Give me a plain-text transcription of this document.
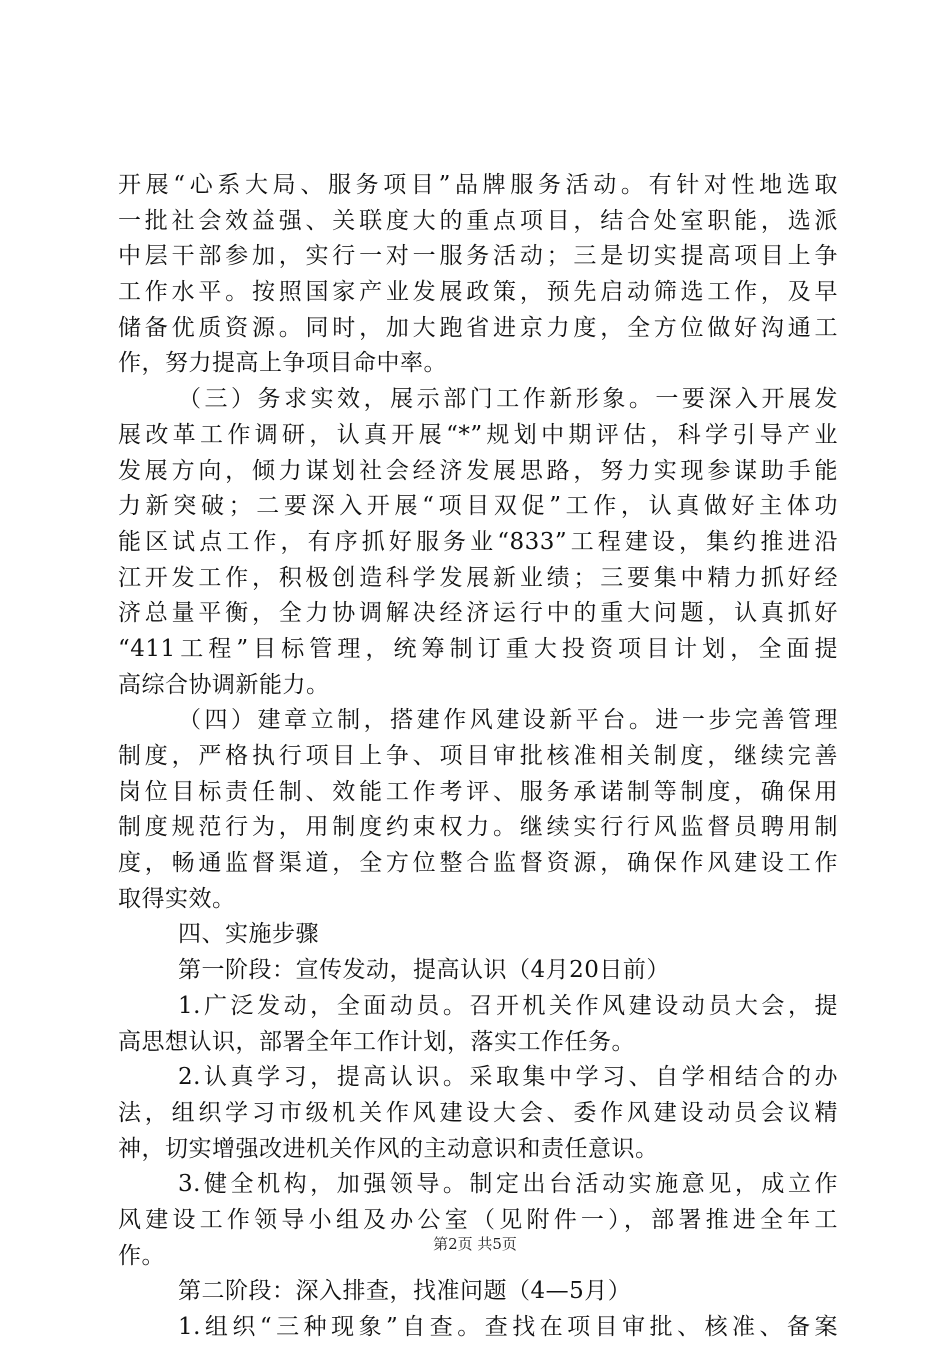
开展“心系大局、服务项目”品牌服务活动。有针对性地选取
一批社会效益强、关联度大的重点项目，结合处室职能，选派
中层干部参加，实行一对一服务活动；三是切实提高项目上争
工作水平。按照国家产业发展政策，预先启动筛选工作，及早
储备优质资源。同时，加大跑省进京力度，全方位做好沟通工
作，努力提高上争项目命中率。
（三）务求实效，展示部门工作新形象。一要深入开展发
展改革工作调研，认真开展“*”规划中期评估，科学引导产业
发展方向，倾力谋划社会经济发展思路，努力实现参谋助手能
力新突破；二要深入开展“项目双促”工作，认真做好主体功
能区试点工作，有序抓好服务业“833”工程建设，集约推进沿
江开发工作，积极创造科学发展新业绩；三要集中精力抓好经
济总量平衡，全力协调解决经济运行中的重大问题，认真抓好
“411工程”目标管理，统筹制订重大投资项目计划，全面提
高综合协调新能力。
（四）建章立制，搭建作风建设新平台。进一步完善管理
制度，严格执行项目上争、项目审批核准相关制度，继续完善
岗位目标责任制、效能工作考评、服务承诺制等制度，确保用
制度规范行为，用制度约束权力。继续实行行风监督员聘用制
度，畅通监督渠道，全方位整合监督资源，确保作风建设工作
取得实效。
四、实施步骤
第一阶段：宣传发动，提高认识（4月20日前）
1.广泛发动，全面动员。召开机关作风建设动员大会，提
高思想认识，部署全年工作计划，落实工作任务。
2.认真学习，提高认识。采取集中学习、自学相结合的办
法，组织学习市级机关作风建设大会、委作风建设动员会议精
神，切实增强改进机关作风的主动意识和责任意识。
3.健全机构，加强领导。制定出台活动实施意见，成立作
风建设工作领导小组及办公室（见附件一），部署推进全年工
作。
第二阶段：深入排查，找准问题（4—5月）
1.组织“三种现象”自查。查找在项目审批、核准、备案
第2页 共5页
